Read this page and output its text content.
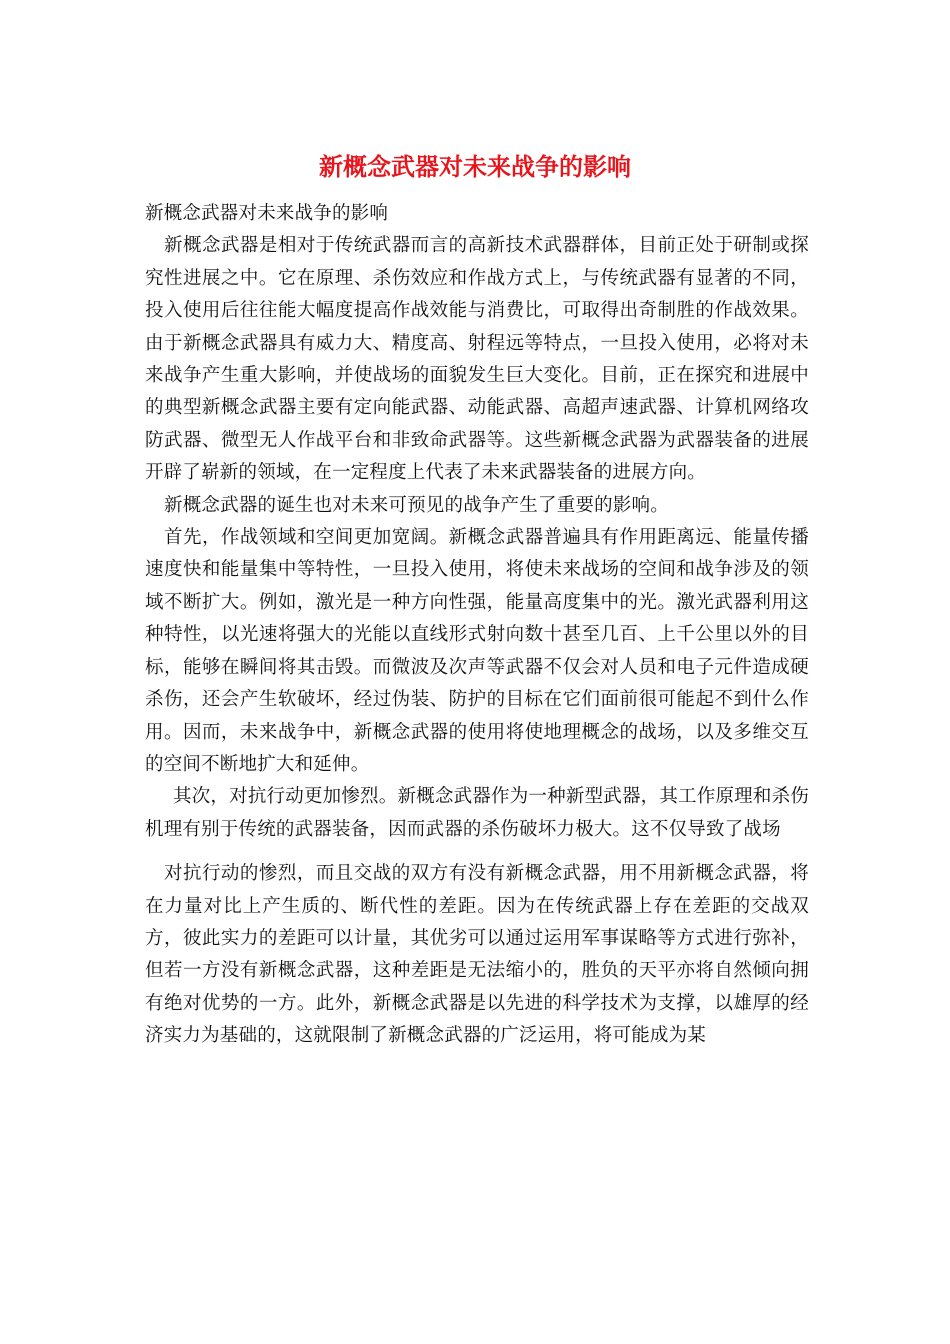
新概念武器对未来战争的影响

新概念武器对未来战争的影响

新概念武器是相对于传统武器而言的高新技术武器群体，目前正处于研制或探究性进展之中。它在原理、杀伤效应和作战方式上，与传统武器有显著的不同，投入使用后往往能大幅度提高作战效能与消费比，可取得出奇制胜的作战效果。由于新概念武器具有威力大、精度高、射程远等特点，一旦投入使用，必将对未来战争产生重大影响，并使战场的面貌发生巨大变化。目前，正在探究和进展中的典型新概念武器主要有定向能武器、动能武器、高超声速武器、计算机网络攻防武器、微型无人作战平台和非致命武器等。这些新概念武器为武器装备的进展开辟了崭新的领域，在一定程度上代表了未来武器装备的进展方向。

新概念武器的诞生也对未来可预见的战争产生了重要的影响。

首先，作战领域和空间更加宽阔。新概念武器普遍具有作用距离远、能量传播速度快和能量集中等特性，一旦投入使用，将使未来战场的空间和战争涉及的领域不断扩大。例如，激光是一种方向性强，能量高度集中的光。激光武器利用这种特性，以光速将强大的光能以直线形式射向数十甚至几百、上千公里以外的目标，能够在瞬间将其击毁。而微波及次声等武器不仅会对人员和电子元件造成硬杀伤，还会产生软破坏，经过伪装、防护的目标在它们面前很可能起不到什么作用。因而，未来战争中，新概念武器的使用将使地理概念的战场，以及多维交互的空间不断地扩大和延伸。

其次，对抗行动更加惨烈。新概念武器作为一种新型武器，其工作原理和杀伤机理有别于传统的武器装备，因而武器的杀伤破坏力极大。这不仅导致了战场

对抗行动的惨烈，而且交战的双方有没有新概念武器，用不用新概念武器，将在力量对比上产生质的、断代性的差距。因为在传统武器上存在差距的交战双方，彼此实力的差距可以计量，其优劣可以通过运用军事谋略等方式进行弥补，但若一方没有新概念武器，这种差距是无法缩小的，胜负的天平亦将自然倾向拥有绝对优势的一方。此外，新概念武器是以先进的科学技术为支撑，以雄厚的经济实力为基础的，这就限制了新概念武器的广泛运用，将可能成为某
